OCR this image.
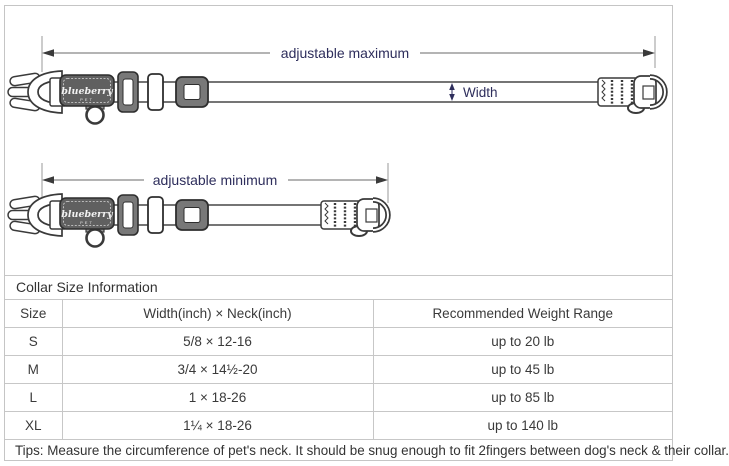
blueberry
PET
adjustable maximum
Width
adjustable minimum
Collar Size Information
Size	Width(inch) × Neck(inch)	Recommended Weight Range
S	5/8 × 12-16	up to 20 lb
M	3/4 × 14½-20	up to 45 lb
L	1 × 18-26	up to 85 lb
XL	1¼ × 18-26	up to 140 lb
Tips: Measure the circumference of pet's neck. It should be snug enough to fit 2fingers between dog's neck & their collar.
